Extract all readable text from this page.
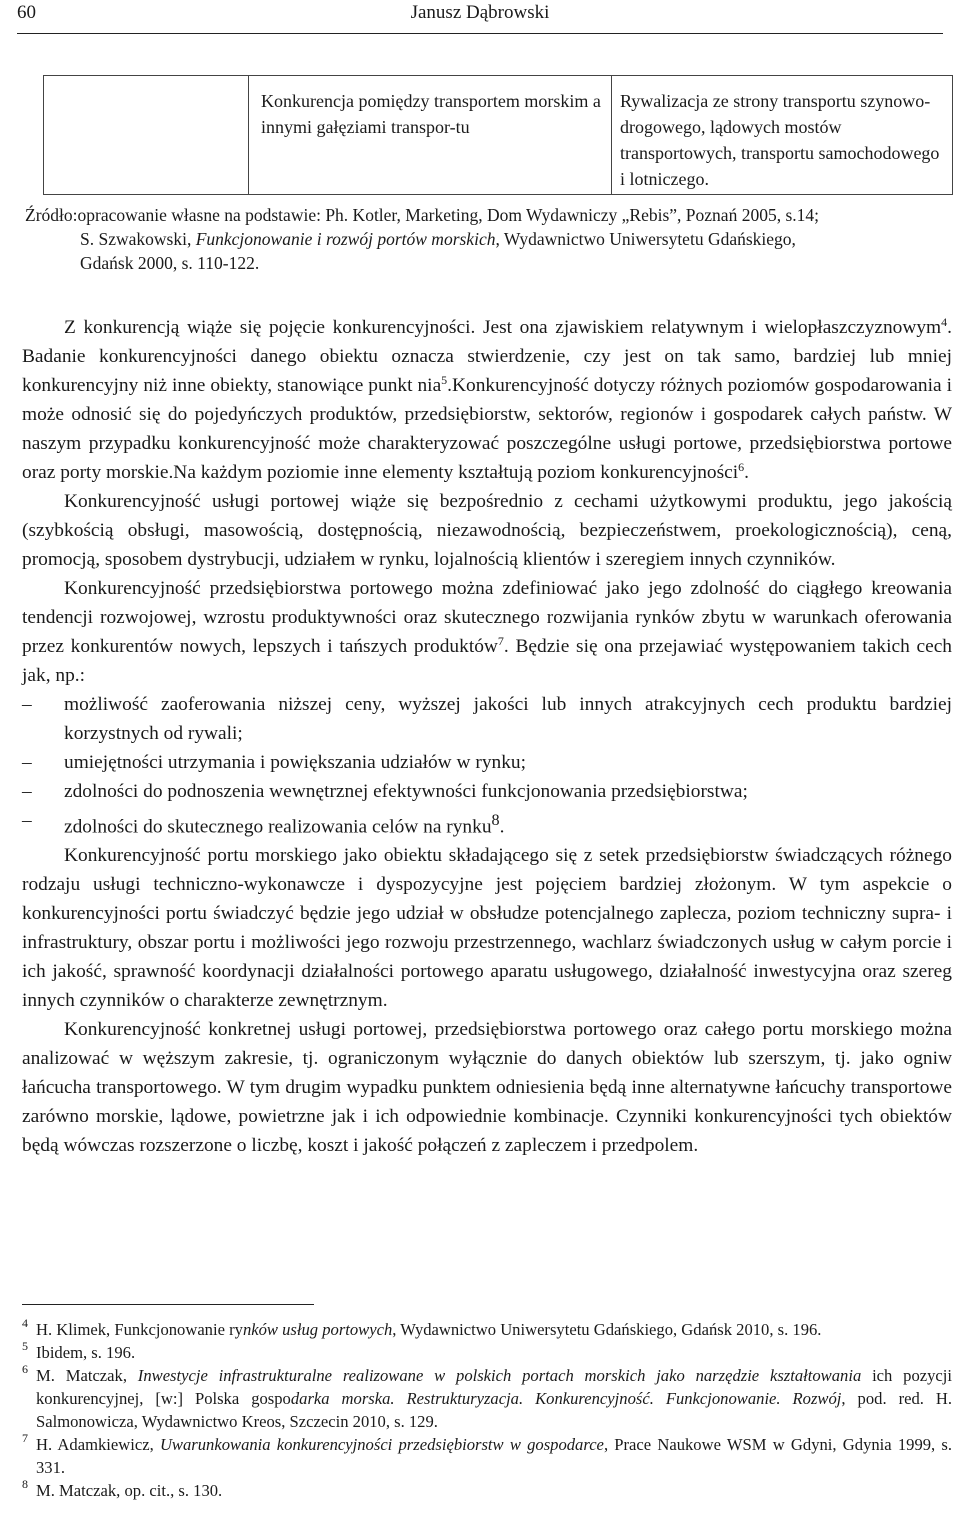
60	Janusz Dąbrowski
	Konkurencja pomiędzy transportem morskim a innymi gałęziami transpor-tu	Rywalizacja ze strony transportu szynowo-drogowego, lądowych mostów transportowych, transportu samochodowego i lotniczego.
Źródło:opracowanie własne na podstawie: Ph. Kotler, Marketing, Dom Wydawniczy „Rebis”, Poznań 2005, s.14;
S. Szwakowski, Funkcjonowanie i rozwój portów morskich, Wydawnictwo Uniwersytetu Gdańskiego,
Gdańsk 2000, s. 110-122.

Z konkurencją wiąże się pojęcie konkurencyjności. Jest ona zjawiskiem relatywnym i wielopłaszczyznowym$^4$. Badanie konkurencyjności danego obiektu oznacza stwierdzenie, czy jest on tak samo, bardziej lub mniej konkurencyjny niż inne obiekty, stanowiące punkt nia$^5$.Konkurencyjność dotyczy różnych poziomów gospodarowania i może odnosić się do pojedyńczych produktów, przedsiębiorstw, sektorów, regionów i gospodarek całych państw. W naszym przypadku konkurencyjność może charakteryzować poszczególne usługi portowe, przedsiębiorstwa portowe oraz porty morskie.Na każdym poziomie inne elementy kształtują poziom konkurencyjności$^6$.

Konkurencyjność usługi portowej wiąże się bezpośrednio z cechami użytkowymi produktu, jego jakością (szybkością obsługi, masowością, dostępnością, niezawodnością, bezpieczeństwem, proekologicznością), ceną, promocją, sposobem dystrybucji, udziałem w rynku, lojalnością klientów i szeregiem innych czynników.

Konkurencyjność przedsiębiorstwa portowego można zdefiniować jako jego zdolność do ciągłego kreowania tendencji rozwojowej, wzrostu produktywności oraz skutecznego rozwijania rynków zbytu w warunkach oferowania przez konkurentów nowych, lepszych i tańszych produktów$^7$. Będzie się ona przejawiać występowaniem takich cech jak, np.:

– możliwość zaoferowania niższej ceny, wyższej jakości lub innych atrakcyjnych cech produktu bardziej korzystnych od rywali;
– umiejętności utrzymania i powiększania udziałów w rynku;
– zdolności do podnoszenia wewnętrznej efektywności funkcjonowania przedsiębiorstwa;
– zdolności do skutecznego realizowania celów na rynku$^8$.

Konkurencyjność portu morskiego jako obiektu składającego się z setek przedsiębiorstw świadczących różnego rodzaju usługi techniczno-wykonawcze i dyspozycyjne jest pojęciem bardziej złożonym. W tym aspekcie o konkurencyjności portu świadczyć będzie jego udział w obsłudze potencjalnego zaplecza, poziom techniczny supra- i infrastruktury, obszar portu i możliwości jego rozwoju przestrzennego, wachlarz świadczonych usług w całym porcie i ich jakość, sprawność koordynacji działalności portowego aparatu usługowego, działalność inwestycyjna oraz szereg innych czynników o charakterze zewnętrznym.

Konkurencyjność konkretnej usługi portowej, przedsiębiorstwa portowego oraz całego portu morskiego można analizować w węższym zakresie, tj. ograniczonym wyłącznie do danych obiektów lub szerszym, tj. jako ogniw łańcucha transportowego. W tym drugim wypadku punktem odniesienia będą inne alternatywne łańcuchy transportowe zarówno morskie, lądowe, powietrzne jak i ich odpowiednie kombinacje. Czynniki konkurencyjności tych obiektów będą wówczas rozszerzone o liczbę, koszt i jakość połączeń z zapleczem i przedpolem.

4 H. Klimek, Funkcjonowanie rynków usług portowych, Wydawnictwo Uniwersytetu Gdańskiego, Gdańsk 2010, s. 196.
5 Ibidem, s. 196.
6 M. Matczak, Inwestycje infrastrukturalne realizowane w polskich portach morskich jako narzędzie kształtowania ich pozycji konkurencyjnej, [w:] Polska gospodarka morska. Restrukturyzacja. Konkurencyjność. Funkcjonowanie. Rozwój, pod. red. H. Salmonowicza, Wydawnictwo Kreos, Szczecin 2010, s. 129.
7 H. Adamkiewicz, Uwarunkowania konkurencyjności przedsiębiorstw w gospodarce, Prace Naukowe WSM w Gdyni, Gdynia 1999, s. 331.
8 M. Matczak, op. cit., s. 130.
